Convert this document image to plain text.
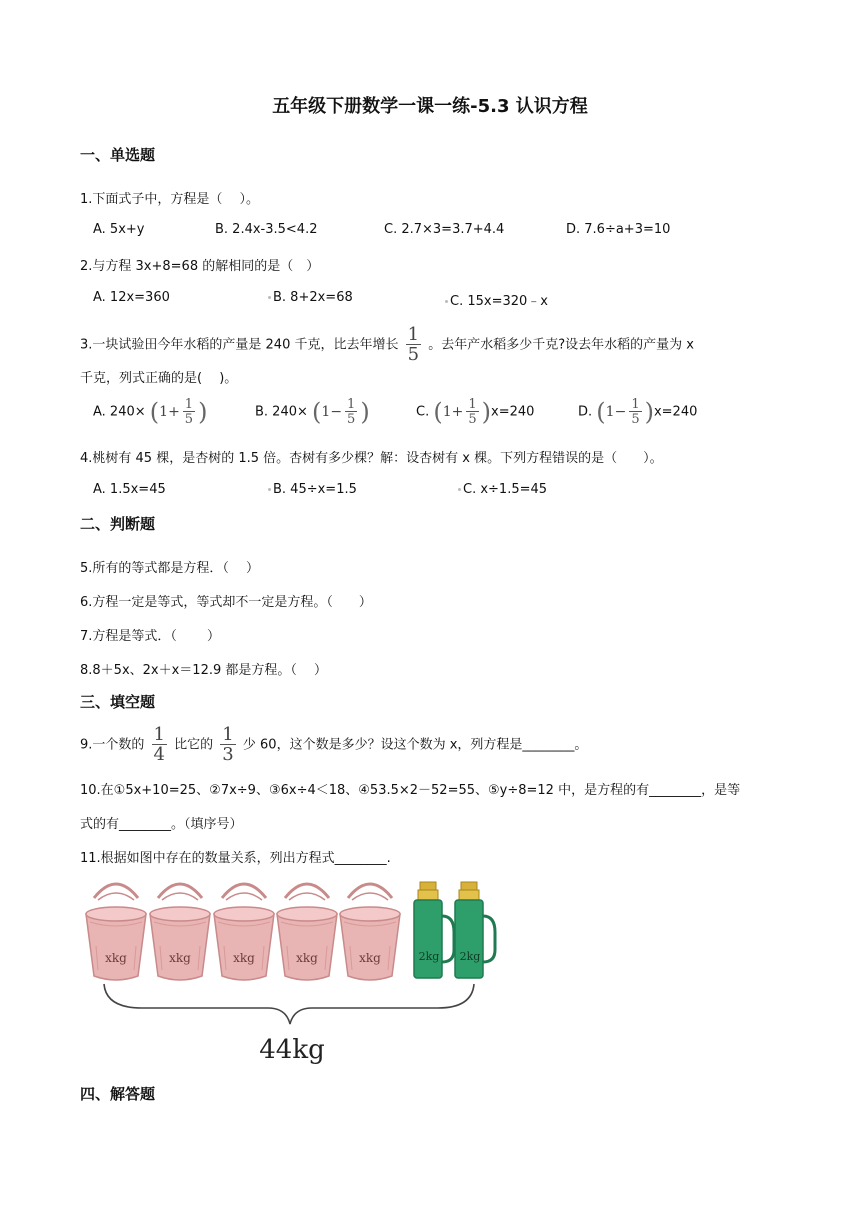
五年级下册数学一课一练-5.3 认识方程
一、单选题
1.下面式子中，方程是（　 ）。
A. 5x+y	B. 2.4x-3.5<4.2	C. 2.7×3=3.7+4.4	D. 7.6÷a+3=10
2.与方程 3x+8=68 的解相同的是（　）
A. 12x=360	B. 8+2x=68	C. 15x=320﹣x
3.一块试验田今年水稻的产量是 240 千克，比去年增长 $\frac{1}{5}$ 。去年产水稻多少千克?设去年水稻的产量为 x
千克，列式正确的是(　 )。
A. $240\times (1+ \frac{1}{5}$ )	B. $240\times (1- \frac{1}{5}$ )	C. $(1+ \frac{1}{5} )x=240$	D. $(1- \frac{1}{5} )x=240$
4.桃树有 45 棵，是杏树的 1.5 倍。杏树有多少棵？解：设杏树有 x 棵。下列方程错误的是（　　）。
A. 1.5x=45	B. 45÷x=1.5	C. x÷1.5=45
二、判断题
5.所有的等式都是方程．（　 ）
6.方程一定是等式，等式却不一定是方程。（　　）
7.方程是等式．（　　 ）
8.8＋5x、2x＋x＝12.9 都是方程。（　 ）
三、填空题
9.一个数的 $\frac{1}{4}$ 比它的 $\frac{1}{3}$ 少 60，这个数是多少？设这个数为 x，列方程是________。
10.在①5x+10=25、②7x÷9、③6x÷4＜18、④53.5×2－52=55、⑤y÷8=12 中，是方程的有________，是等
式的有________。（填序号）
11.根据如图中存在的数量关系，列出方程式________.
xkg	xkg	xkg	xkg	xkg	2kg 2kg
44kg
四、解答题
